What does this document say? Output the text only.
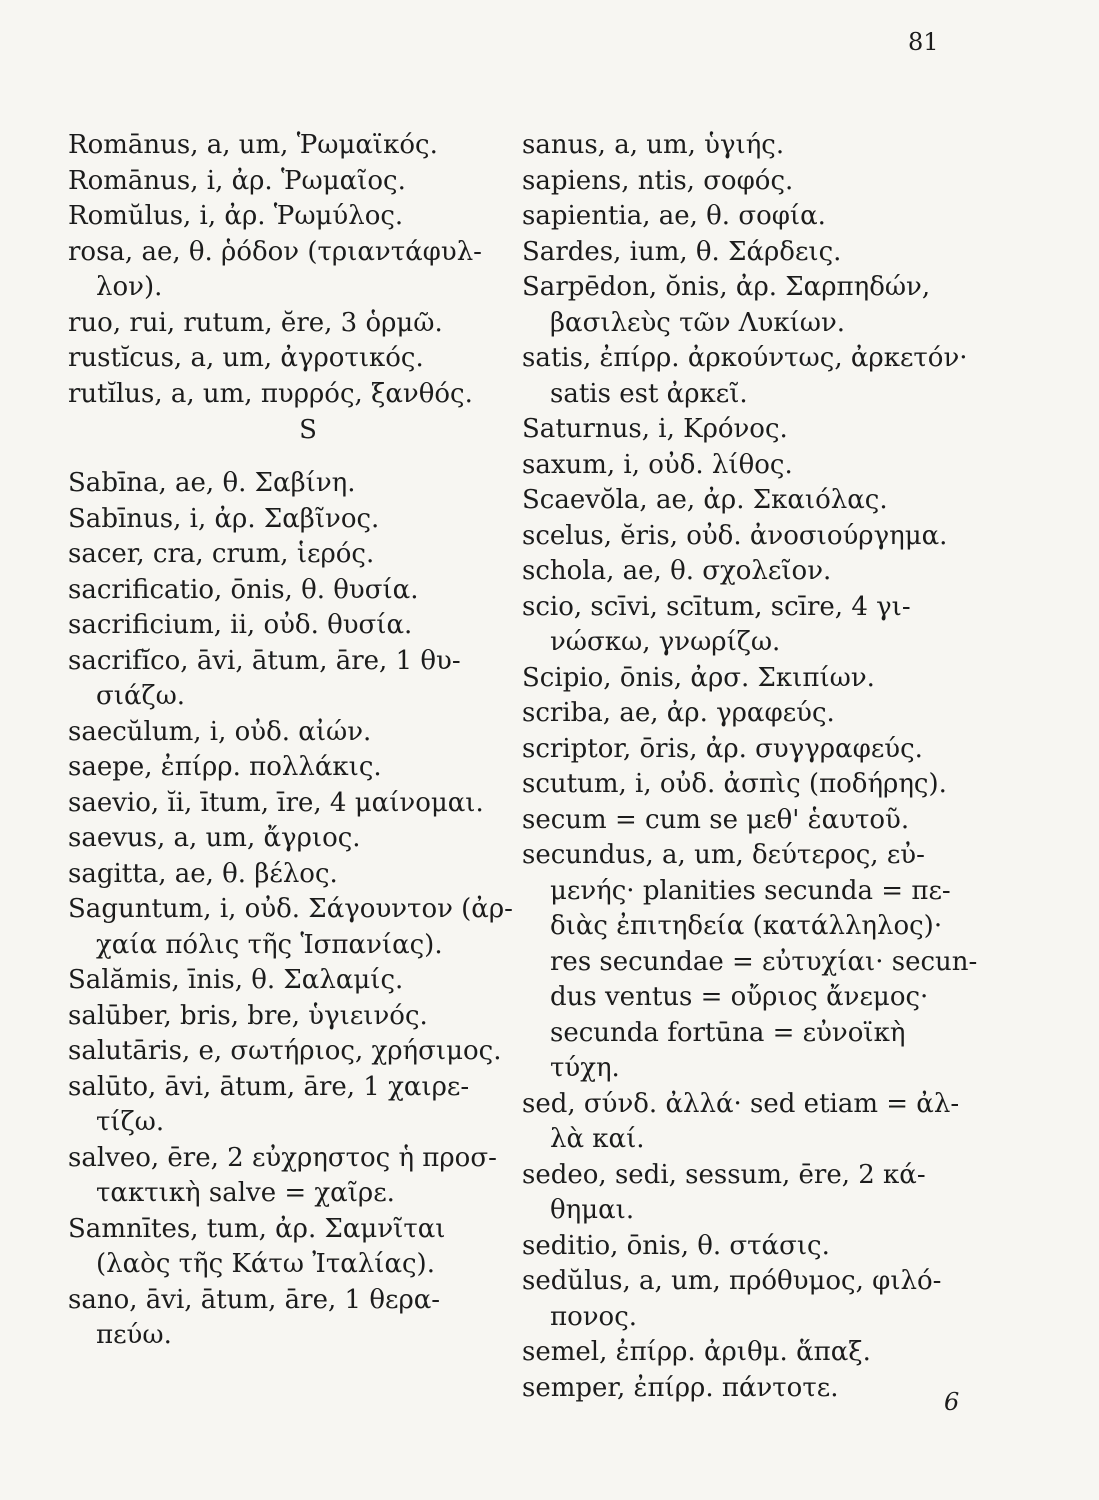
81
Romānus, a, um, Ῥωμαϊκός.
Romānus, i, ἀρ. Ῥωμαῖος.
Romŭlus, i, ἀρ. Ῥωμύλος.
rosa, ae, θ. ῥόδον (τριαντάφυλ-
λον).
ruo, rui, rutum, ĕre, 3 ὁρμῶ.
rustĭcus, a, um, ἀγροτικός.
rutĭlus, a, um, πυρρός, ξανθός.
S
Sabīna, ae, θ. Σαβίνη.
Sabīnus, i, ἀρ. Σαβῖνος.
sacer, cra, crum, ἱερός.
sacrificatio, ōnis, θ. θυσία.
sacrificium, ii, οὐδ. θυσία.
sacrifĭco, āvi, ātum, āre, 1 θυ-
σιάζω.
saecŭlum, i, οὐδ. αἰών.
saepe, ἐπίρρ. πολλάκις.
saevio, ĭi, ītum, īre, 4 μαίνομαι.
saevus, a, um, ἄγριος.
sagitta, ae, θ. βέλος.
Saguntum, i, οὐδ. Σάγουντον (ἀρ-
χαία πόλις τῆς Ἱσπανίας).
Salămis, īnis, θ. Σαλαμίς.
salūber, bris, bre, ὑγιεινός.
salutāris, e, σωτήριος, χρήσιμος.
salūto, āvi, ātum, āre, 1 χαιρε-
τίζω.
salveo, ēre, 2 εὐχρηστος ἡ προσ-
τακτικὴ salve = χαῖρε.
Samnītes, tum, ἀρ. Σαμνῖται
(λαὸς τῆς Κάτω Ἰταλίας).
sano, āvi, ātum, āre, 1 θερα-
πεύω.
sanus, a, um, ὑγιής.
sapiens, ntis, σοφός.
sapientia, ae, θ. σοφία.
Sardes, ium, θ. Σάρδεις.
Sarpēdon, ŏnis, ἀρ. Σαρπηδών,
βασιλεὺς τῶν Λυκίων.
satis, ἐπίρρ. ἀρκούντως, ἀρκετόν·
satis est ἀρκεῖ.
Saturnus, i, Κρόνος.
saxum, i, οὐδ. λίθος.
Scaevŏla, ae, ἀρ. Σκαιόλας.
scelus, ĕris, οὐδ. ἀνοσιούργημα.
schola, ae, θ. σχολεῖον.
scio, scīvi, scītum, scīre, 4 γι-
νώσκω, γνωρίζω.
Scipio, ōnis, ἀρσ. Σκιπίων.
scriba, ae, ἀρ. γραφεύς.
scriptor, ōris, ἀρ. συγγραφεύς.
scutum, i, οὐδ. ἀσπὶς (ποδήρης).
secum = cum se μεθ' ἑαυτοῦ.
secundus, a, um, δεύτερος, εὐ-
μενής· planities secunda = πε-
διὰς ἐπιτηδεία (κατάλληλος)·
res secundae = εὐτυχίαι· secun-
dus ventus = οὔριος ἄνεμος·
secunda fortūna = εὐνοϊκὴ
τύχη.
sed, σύνδ. ἀλλά· sed etiam = ἀλ-
λὰ καί.
sedeo, sedi, sessum, ēre, 2 κά-
θημαι.
seditio, ōnis, θ. στάσις.
sedŭlus, a, um, πρόθυμος, φιλό-
πονος.
semel, ἐπίρρ. ἀριθμ. ἅπαξ.
semper, ἐπίρρ. πάντοτε.	6
